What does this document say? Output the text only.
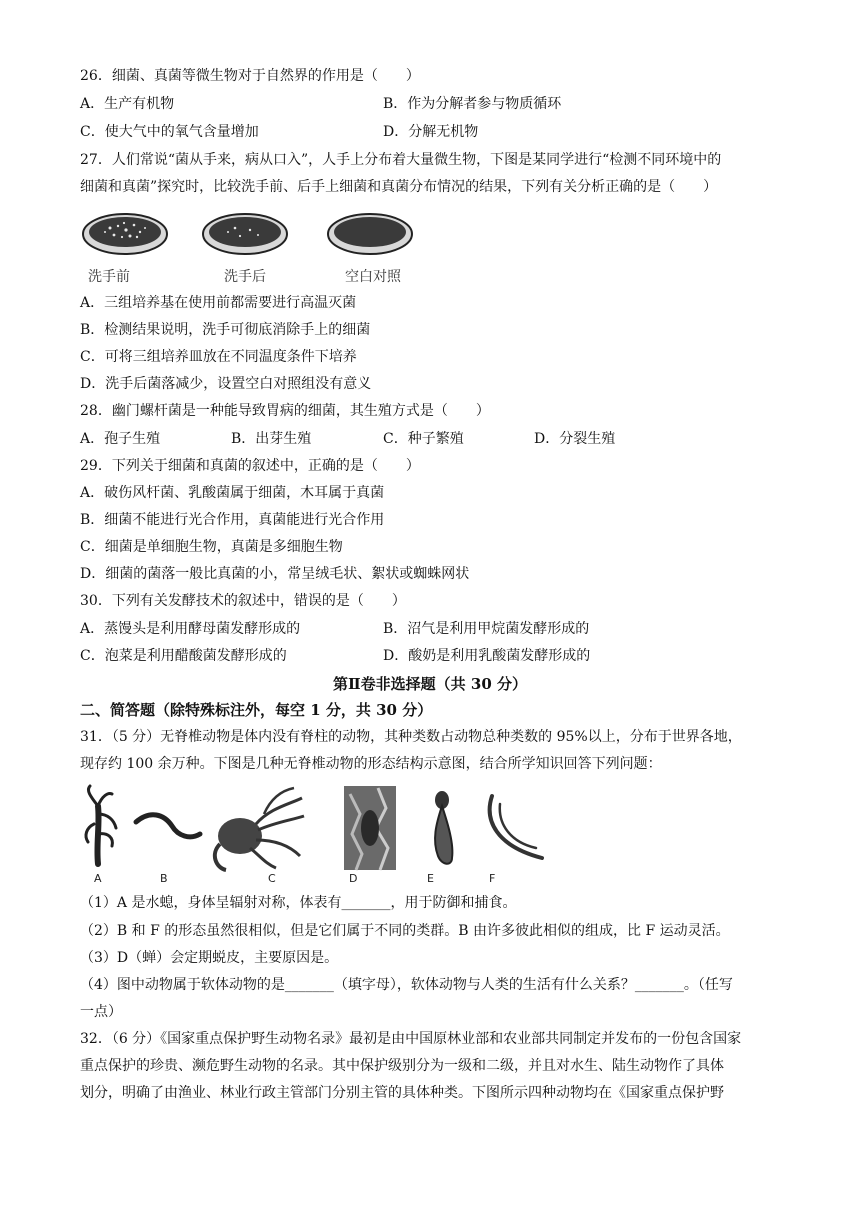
26．细菌、真菌等微生物对于自然界的作用是（　　）
A．生产有机物	B．作为分解者参与物质循环
C．使大气中的氧气含量增加	D．分解无机物
27．人们常说“菌从手来，病从口入”，人手上分布着大量微生物，下图是某同学进行“检测不同环境中的
细菌和真菌”探究时，比较洗手前、后手上细菌和真菌分布情况的结果，下列有关分析正确的是（　　）
洗手前	洗手后	空白对照
A．三组培养基在使用前都需要进行高温灭菌
B．检测结果说明，洗手可彻底消除手上的细菌
C．可将三组培养皿放在不同温度条件下培养
D．洗手后菌落减少，设置空白对照组没有意义
28．幽门螺杆菌是一种能导致胃病的细菌，其生殖方式是（　　）
A．孢子生殖	B．出芽生殖	C．种子繁殖	D．分裂生殖
29．下列关于细菌和真菌的叙述中，正确的是（　　）
A．破伤风杆菌、乳酸菌属于细菌，木耳属于真菌
B．细菌不能进行光合作用，真菌能进行光合作用
C．细菌是单细胞生物，真菌是多细胞生物
D．细菌的菌落一般比真菌的小，常呈绒毛状、絮状或蜘蛛网状
30．下列有关发酵技术的叙述中，错误的是（　　）
A．蒸馒头是利用酵母菌发酵形成的	B．沼气是利用甲烷菌发酵形成的
C．泡菜是利用醋酸菌发酵形成的	D．酸奶是利用乳酸菌发酵形成的
第Ⅱ卷非选择题（共 30 分）
二、简答题（除特殊标注外，每空 1 分，共 30 分）
31．（5 分）无脊椎动物是体内没有脊柱的动物，其种类数占动物总种类数的 95%以上，分布于世界各地，
现存约 100 余万种。下图是几种无脊椎动物的形态结构示意图，结合所学知识回答下列问题：
A	B	C	D	E	F
（1）A 是水螅，身体呈辐射对称，体表有_______，用于防御和捕食。
（2）B 和 F 的形态虽然很相似，但是它们属于不同的类群。B 由许多彼此相似的组成，比 F 运动灵活。
（3）D（蝉）会定期蜕皮，主要原因是。
（4）图中动物属于软体动物的是_______（填字母），软体动物与人类的生活有什么关系？_______。（任写
一点）
32．（6 分）《国家重点保护野生动物名录》最初是由中国原林业部和农业部共同制定并发布的一份包含国家
重点保护的珍贵、濒危野生动物的名录。其中保护级别分为一级和二级，并且对水生、陆生动物作了具体
划分，明确了由渔业、林业行政主管部门分别主管的具体种类。下图所示四种动物均在《国家重点保护野
